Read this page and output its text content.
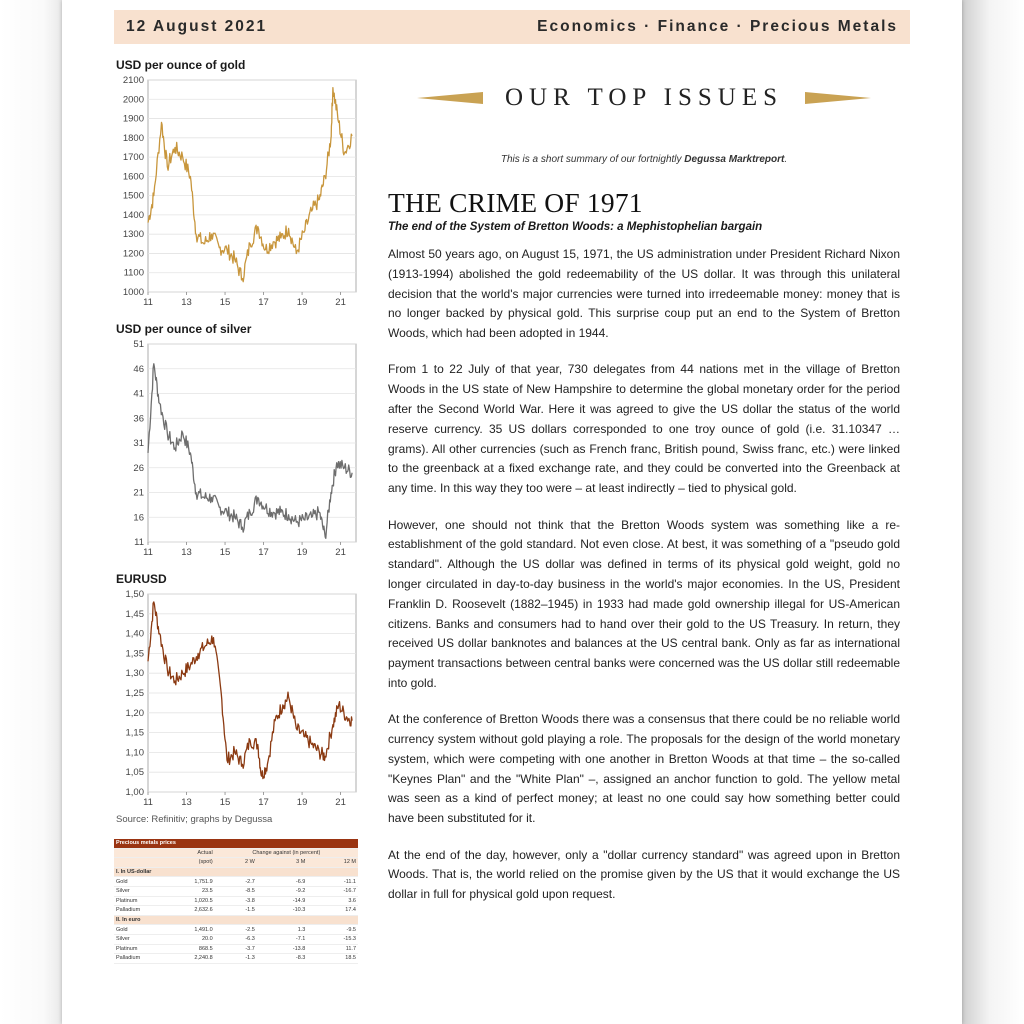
12 August 2021	Economics · Finance · Precious Metals
USD per ounce of gold
2100
2000
1900
1800
1700
1600
1500
1400
1300
1200
1100
1000
11	13	15	17	19	21
USD per ounce of silver
51
46
41
36
31
26
21
16
11
11	13	15	17	19	21
EURUSD
1,50
1,45
1,40
1,35
1,30
1,25
1,20
1,15
1,10
1,05
1,00
11	13	15	17	19	21
Source: Refinitiv; graphs by Degussa
Precious metals prices				
	Actual	Change against (in percent)		
	(spot)	2 W	3 M	12 M
I. In US-dollar				
Gold	1,751.9	-2.7	-6.9	-11.1
Silver	23.5	-8.5	-9.2	-16.7
Platinum	1,020.5	-3.8	-14.9	3.6
Palladium	2,632.6	-1.5	-10.3	17.4
II. In euro				
Gold	1,491.0	-2.5	1.3	-9.5
Silver	20.0	-6.3	-7.1	-15.3
Platinum	868.5	-3.7	-13.8	11.7
Palladium	2,240.8	-1.3	-8.3	18.5
OUR TOP ISSUES
This is a short summary of our fortnightly Degussa Marktreport.
THE CRIME OF 1971
The end of the System of Bretton Woods: a Mephistophelian bargain

Almost 50 years ago, on August 15, 1971, the US administration under President Richard Nixon (1913-1994) abolished the gold redeemability of the US dollar. It was through this unilateral decision that the world's major currencies were turned into irredeemable money: money that is no longer backed by physical gold. This surprise coup put an end to the System of Bretton Woods, which had been adopted in 1944.

From 1 to 22 July of that year, 730 delegates from 44 nations met in the village of Bretton Woods in the US state of New Hampshire to determine the global monetary order for the period after the Second World War. Here it was agreed to give the US dollar the status of the world reserve currency. 35 US dollars corresponded to one troy ounce of gold (i.e. 31.10347 … grams). All other currencies (such as French franc, British pound, Swiss franc, etc.) were linked to the greenback at a fixed exchange rate, and they could be converted into the Greenback at any time. In this way they too were – at least indirectly – tied to physical gold.

However, one should not think that the Bretton Woods system was something like a re-establishment of the gold standard. Not even close. At best, it was something of a "pseudo gold standard". Although the US dollar was defined in terms of its physical gold weight, gold no longer circulated in day-to-day business in the world's major economies. In the US, President Franklin D. Roosevelt (1882–1945) in 1933 had made gold ownership illegal for US-American citizens. Banks and consumers had to hand over their gold to the US Treasury. In return, they received US dollar banknotes and balances at the US central bank. Only as far as international payment transactions between central banks were concerned was the US dollar still redeemable into gold.

At the conference of Bretton Woods there was a consensus that there could be no reliable world currency system without gold playing a role. The proposals for the design of the world monetary system, which were competing with one another in Bretton Woods at that time – the so-called "Keynes Plan" and the "White Plan" –, assigned an anchor function to gold. The yellow metal was seen as a kind of perfect money; at least no one could say how something better could have been substituted for it.

At the end of the day, however, only a "dollar currency standard" was agreed upon in Bretton Woods. That is, the world relied on the promise given by the US that it would exchange the US dollar in full for physical gold upon request.
